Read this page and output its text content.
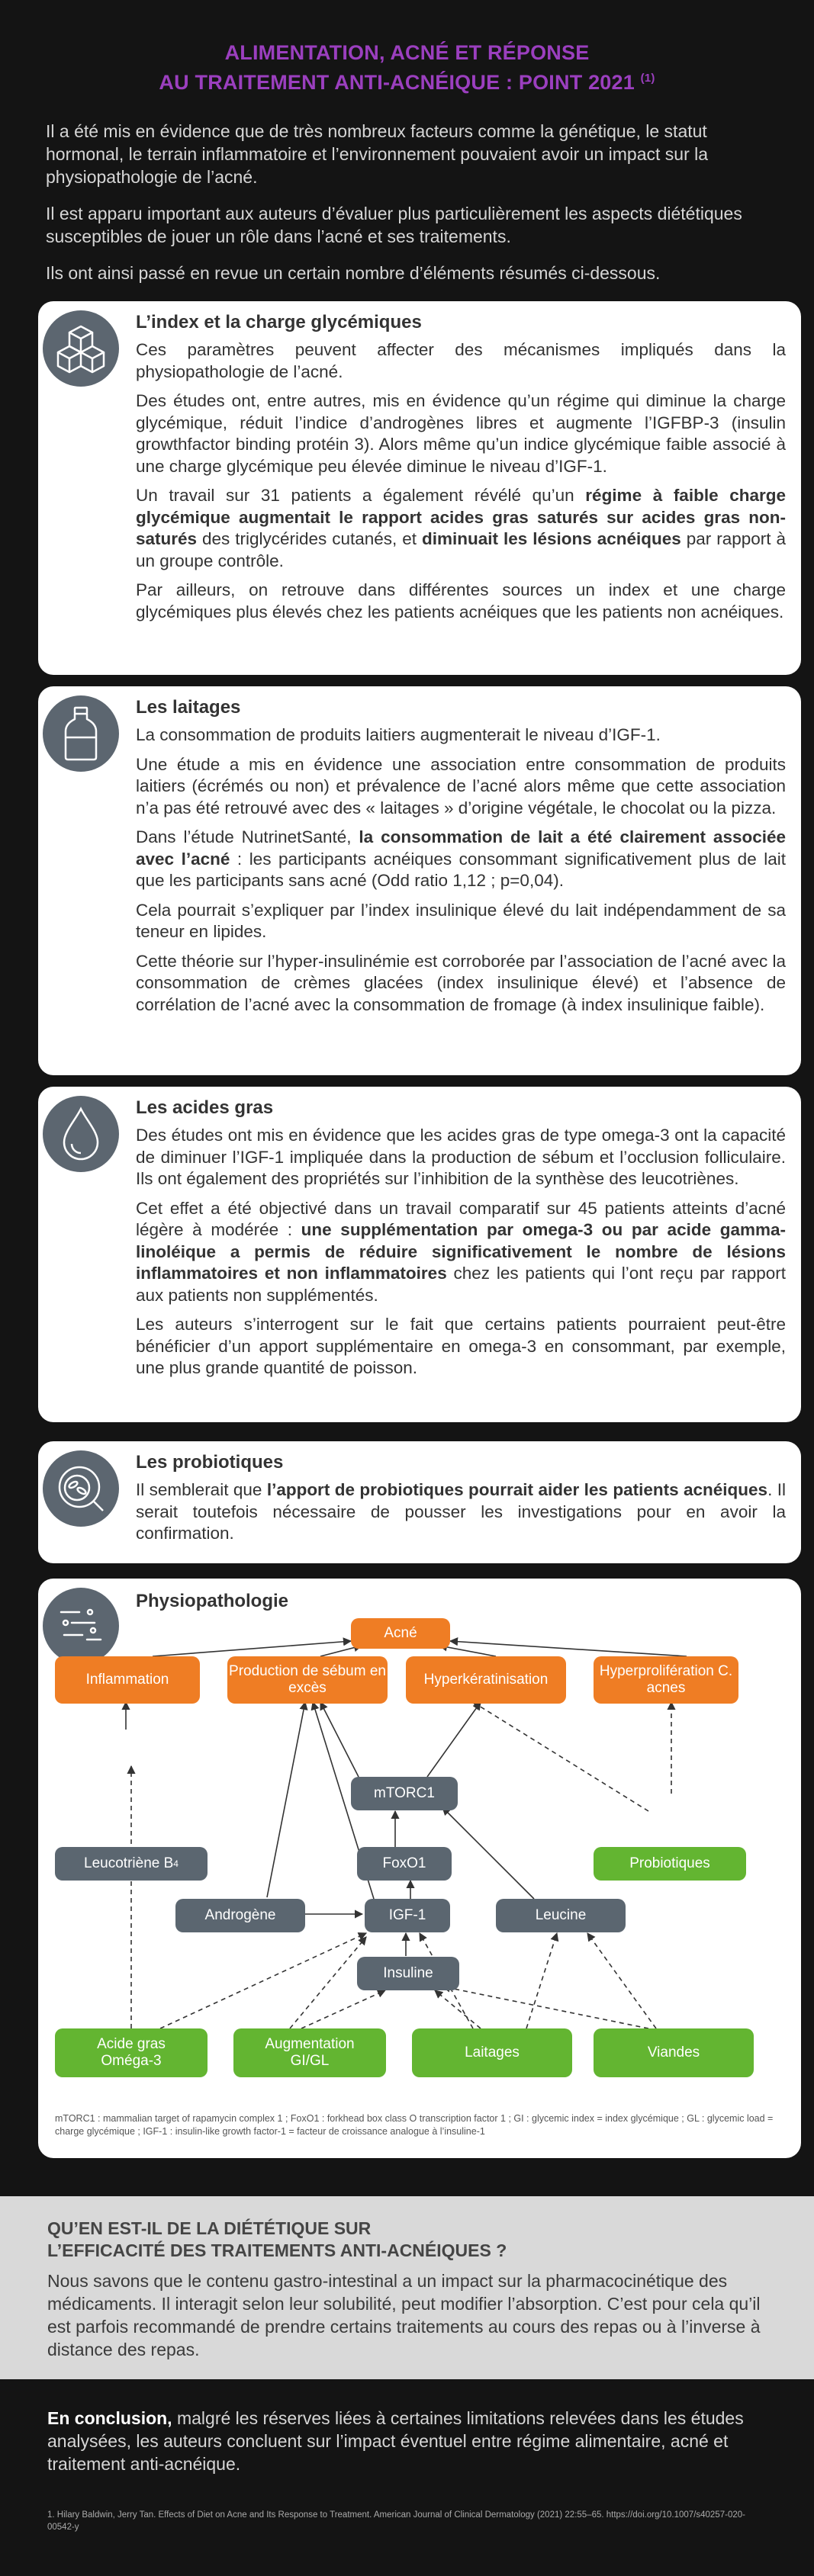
ALIMENTATION, ACNÉ ET RÉPONSE
AU TRAITEMENT ANTI-ACNÉIQUE : POINT 2021 $^{(1)}$

Il a été mis en évidence que de très nombreux facteurs comme la génétique, le statut hormonal, le terrain inflammatoire et l’environnement pouvaient avoir un impact sur la physiopathologie de l’acné.

Il est apparu important aux auteurs d’évaluer plus particulièrement les aspects diététiques susceptibles de jouer un rôle dans l’acné et ses traitements.

Ils ont ainsi passé en revue un certain nombre d’éléments résumés ci-dessous.

L’index et la charge glycémiques

Ces paramètres peuvent affecter des mécanismes impliqués dans la physiopathologie de l’acné.

Des études ont, entre autres, mis en évidence qu’un régime qui diminue la charge glycémique, réduit l’indice d’androgènes libres et augmente l’IGFBP-3 (insulin growthfactor binding protéin 3). Alors même qu’un indice glycémique faible associé à une charge glycémique peu élevée diminue le niveau d’IGF-1.

Un travail sur 31 patients a également révélé qu’un régime à faible charge glycémique augmentait le rapport acides gras saturés sur acides gras non-saturés des triglycérides cutanés, et diminuait les lésions acnéiques par rapport à un groupe contrôle.

Par ailleurs, on retrouve dans différentes sources un index et une charge glycémiques plus élevés chez les patients acnéiques que les patients non acnéiques.

Les laitages

La consommation de produits laitiers augmenterait le niveau d’IGF-1.

Une étude a mis en évidence une association entre consommation de produits laitiers (écrémés ou non) et prévalence de l’acné alors même que cette association n’a pas été retrouvé avec des « laitages » d’origine végétale, le chocolat ou la pizza.

Dans l’étude NutrinetSanté, la consommation de lait a été clairement associée avec l’acné : les participants acnéiques consommant significativement plus de lait que les participants sans acné (Odd ratio 1,12 ; p=0,04).

Cela pourrait s’expliquer par l’index insulinique élevé du lait indépendamment de sa teneur en lipides.

Cette théorie sur l’hyper-insulinémie est corroborée par l’association de l’acné avec la consommation de crèmes glacées (index insulinique élevé) et l’absence de corrélation de l’acné avec la consommation de fromage (à index insulinique faible).

Les acides gras

Des études ont mis en évidence que les acides gras de type omega-3 ont la capacité de diminuer l’IGF-1 impliquée dans la production de sébum et l’occlusion folliculaire. Ils ont également des propriétés sur l’inhibition de la synthèse des leucotriènes.

Cet effet a été objectivé dans un travail comparatif sur 45 patients atteints d’acné légère à modérée : une supplémentation par omega-3 ou par acide gamma-linoléique a permis de réduire significativement le nombre de lésions inflammatoires et non inflammatoires chez les patients qui l’ont reçu par rapport aux patients non supplémentés.

Les auteurs s’interrogent sur le fait que certains patients pourraient peut-être bénéficier d’un apport supplémentaire en omega-3 en consommant, par exemple, une plus grande quantité de poisson.

Les probiotiques

Il semblerait que l’apport de probiotiques pourrait aider les patients acnéiques. Il serait toutefois nécessaire de pousser les investigations pour en avoir la confirmation.

Physiopathologie
Acné
Inflammation
Production de sébum en excès
Hyperkératinisation
Hyperprolifération C. acnes
mTORC1
Leucotriène B 4	FoxO1	Probiotiques
Androgène	IGF-1	Leucine
Insuline
Acide gras Oméga-3
Augmentation GI/GL
Laitages	Viandes
mTORC1 : mammalian target of rapamycin complex 1 ; FoxO1 : forkhead box class O transcription factor 1 ; GI : glycemic index = index glycémique ; GL : glycemic load = charge glycémique ; IGF-1 : insulin-like growth factor-1 = facteur de croissance analogue à l’insuline-1
QU’EN EST-IL DE LA DIÉTÉTIQUE SUR
L’EFFICACITÉ DES TRAITEMENTS ANTI-ACNÉIQUES ?

Nous savons que le contenu gastro-intestinal a un impact sur la pharmacocinétique des médicaments. Il interagit selon leur solubilité, peut modifier l’absorption. C’est pour cela qu’il est parfois recommandé de prendre certains traitements au cours des repas ou à l’inverse à distance des repas.

En conclusion, malgré les réserves liées à certaines limitations relevées dans les études analysées, les auteurs concluent sur l’impact éventuel entre régime alimentaire, acné et traitement anti-acnéique.

1. Hilary Baldwin, Jerry Tan. Effects of Diet on Acne and Its Response to Treatment. American Journal of Clinical Dermatology (2021) 22:55–65. https://doi.org/10.1007/s40257-020-00542-y
